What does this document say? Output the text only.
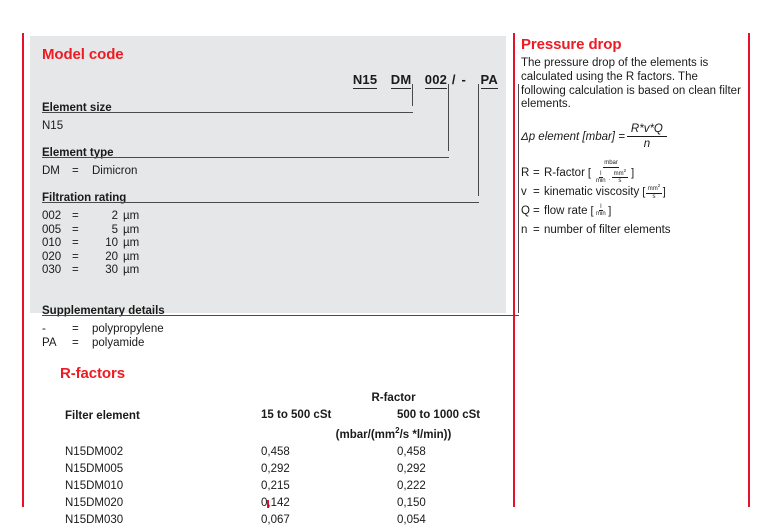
Model code
N15 DM 002 / - PA
Element size
N15
Element type
DM	=	Dimicron
Filtration rating
002 =	2 µm
005 =	5 µm
010 =	10 µm
020 =	20 µm
030 =	30 µm
Supplementary details
-	=	polypropylene
PA	=	polyamide
R-factors
Filter element	R-factor	
	15 to 500 cSt	500 to 1000 cSt
	($mbar/(mm^2/s$ *l/min))	
N15DM002	0,458	0,458
N15DM005	0,292	0,292
N15DM010	0,215	0,222
N15DM020	0,142	0,150
N15DM030	0,067	0,054
Pressure drop
The pressure drop of the elements is calculated using the R factors. The following calculation is based on clean filter elements.
Δp element [mbar] = $\frac{R*v*Q}{n}$
R = R-factor [
mbar
l
min ·
$mm^2$
s
]
v = kinematic viscosity [ $mm^2$
s ]
Q = flow rate [ l
min ]
n = number of filter elements
